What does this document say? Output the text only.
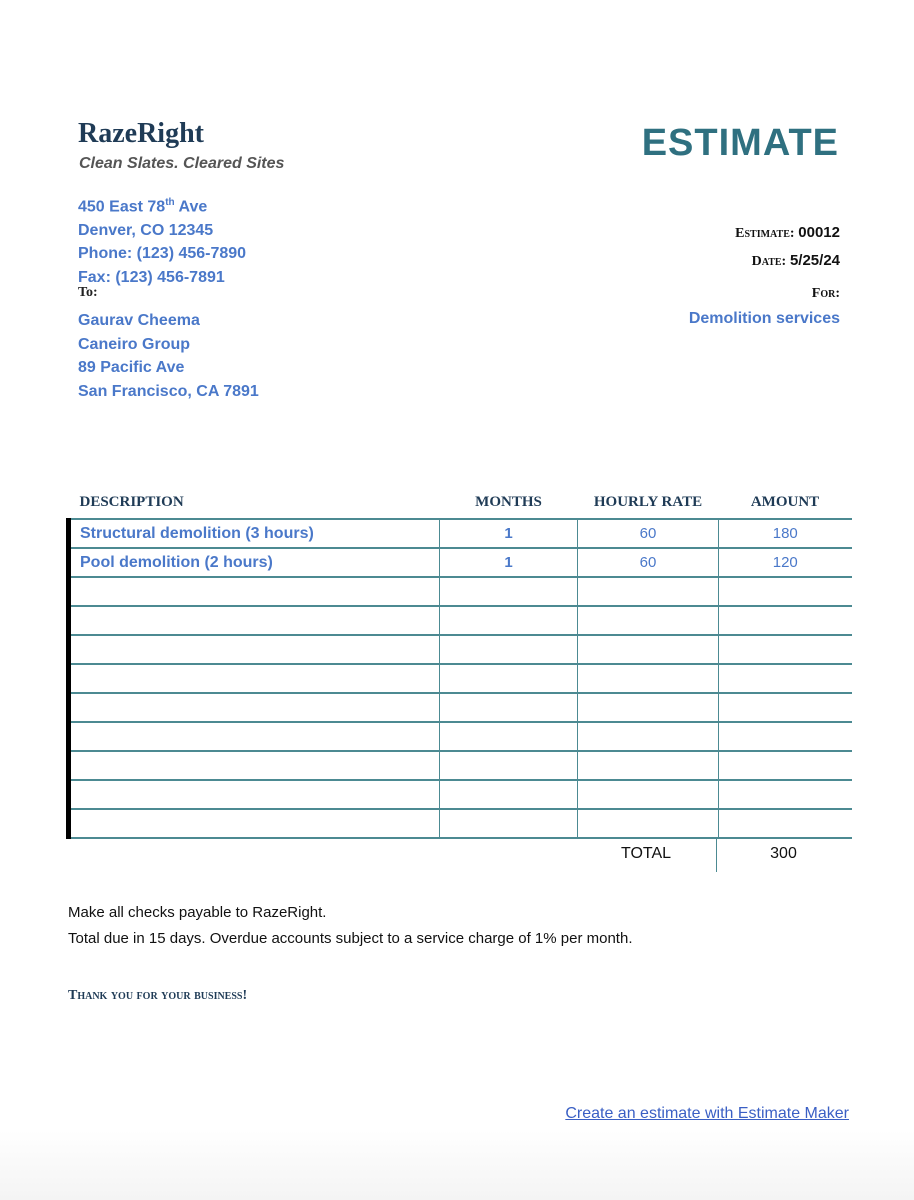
RazeRight
Clean Slates. Cleared Sites	ESTIMATE
450 East 78th Ave
Denver, CO 12345
Phone: (123) 456-7890
Fax: (123) 456-7891
Estimate: 00012
Date: 5/25/24
For:
Demolition services
To:
Gaurav Cheema
Caneiro Group
89 Pacific Ave
San Francisco, CA 7891
DESCRIPTION	MONTHS	HOURLY RATE	AMOUNT
Structural demolition (3 hours)	1	60	180
Pool demolition (2 hours)	1	60	120

TOTAL	300
Make all checks payable to RazeRight.
Total due in 15 days. Overdue accounts subject to a service charge of 1% per month.
Thank you for your business!
Create an estimate with Estimate Maker
